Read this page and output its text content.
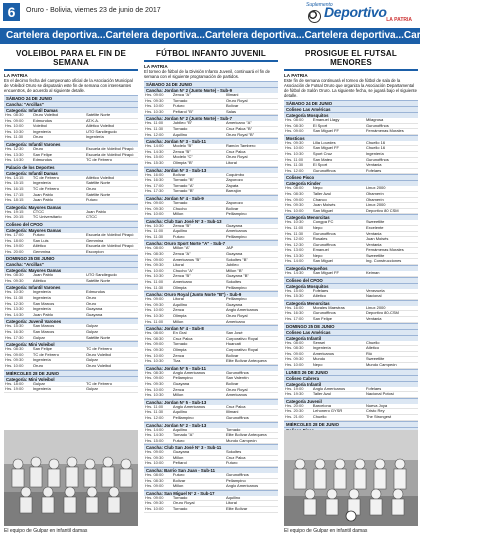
6	Oruro - Bolivia, viernes 23 de junio de 2017
Suplemento
Deportivo LA PATRIA
Cartelera deportiva...Cartelera deportiva...Cartelera deportiva...Cartelera deportiva...Cartelera deportiva...
VOLEIBOL PARA EL FIN DE SEMANA
LA PATRIA
En el decimo fecha del campeonato oficial de la Asociación Municipal de Voleibol Oruro se disputarán este fin de semana con interesantes encuentros, de acuerdo al siguiente detalle.
SÁBADO 24 DE JUNIO
Cancha: "Arcillas"
Categoría: Infantil Damas
Hrs. 08:30	Oruro Voleibol	Satélite Norte
Hrs. 09:00	Edmundos	AT.K.A.
Hrs. 10:00	Voleibol	Atlético Voleibol
Hrs. 10:30	Ingeniería	UTO Sandiegudo
Hrs. 11:30	Oruro	Ingeniería
Categoría: Infantil Varones
Hrs. 12:30	Oruro	Escuela de Voleibol Pirapó
Hrs. 13:30	San Felipe	Escuela de Voleibol Pirapó
Hrs. 14:30	Edmundos	TC de Febrero
Palacio de los Deportes
Categoría: Infantil Damas
Hrs. 14:15	TC de Febrero	Atlético Voleibol
Hrs. 15:15	Ingeniería	Satélite Norte
Hrs. 16:15	TC de Febrero	Oruro
Hrs. 17:15	Juan Pablo	Satélite Norte
Hrs. 18:15	Juan Pablo	Futuro
Categoría: Mayores Damas
Hrs. 19:15	CTCC	Juan Pablo
Hrs. 20:15	TC Universitario	CTCC
Coliseo del CPOO
Categoría: Mayores Damas
Hrs. 17:00	Futuro	Escuela de Voleibol Pirapó
Hrs. 18:00	San Luis	Gemmina
Hrs. 19:00	Atlético	Escuela de Voleibol Pirapó
Hrs. 20:00	Gemmina	Escorpion
DOMINGO 25 DE JUNIO
Cancha: "Arcillas"
Categoría: Mayores Damas
Hrs. 08:30	Juan Pablo	UTO Sandiegudo
Hrs. 09:30	Atlético	Satélite Norte
Categoría: Infantil Varones
Hrs. 10:30	Ingeniería	Edmundos
Hrs. 11:30	Ingeniería	Oruro
Hrs. 12:30	San Marcos	Oruro
Hrs. 13:30	Ingeniería	Guayana
Hrs. 14:30	Juan Pablo	Guayana
Categoría: Juvenil Varones
Hrs. 15:30	San Marcos	Gulpar
Hrs. 16:30	San Marcos	Gulpar
Hrs. 17:30	Gulpar	Satélite Norte
Categoría: Mini Voleibol
Hrs. 08:30	San Felipe	TC de Febrero
Hrs. 09:00	TC de Febrero	Oruro Voleibol
Hrs. 09:30	Ingeniería	Gulpar
Hrs. 10:00	Oruro	Oruro Voleibol
MIÉRCOLES 28 DE JUNIO
Categoría: Mini Voleibol
Hrs. 18:00	Gulpar	TC de Febrero
Hrs. 19:00	Ingeniería	Gulpar
FÚTBOL INFANTO JUVENIL
LA PATRIA
El torneo de fútbol de la División Infanto Juvenil, continuará el fin de semana con el siguiente programación de partidos.
SÁBADO 24 DE JUNIO
Cancha: Jordan N° 2 (Junto Norte) - Sub-9
Hrs. 09:00	Zenca "A"	Illimani
Hrs. 09:30	Tornado	Oruro Royal
Hrs. 10:00	Futuro	Bolívar
Hrs. 10:30	Peñarol "B"	Salas
Cancha: Jordan N° 2 (Junto Norte) - Sub-7
Hrs. 11:00	Jubileo "B"	Americano "A"
Hrs. 11:30	Tornado	Cruz Palca "B"
Hrs. 12:00	Aquilino	Oruro Royal "B"
Cancha: Jordan N° 3 - Sub-11
Hrs. 14:00	Modelo "B"	Ramón Tambero
Hrs. 14:30	Zenca "B"	Cruz Palca
Hrs. 15:00	Modelo "C"	Oruro Royal
Hrs. 15:30	Olimpia "B"	Litoral
Cancha: Jordan N° 3 - Sub-13
Hrs. 16:00	Bolívar	Coquimbo
Hrs. 16:30	Tornado "B"	Zaporozo
Hrs. 17:00	Tornado "A"	Zapata
Hrs. 17:30	Tornado "B"	Barrajón
Cancha: Jordan N° 4 - Sub-9
Hrs. 09:00	Tornado	Zaporozo
Hrs. 09:30	Chucho	Bolívar
Hrs. 10:00	Millon	Pelllampino
Cancha: Club San José N° 3 - Sub-13
Hrs. 10:30	Zenca "B"	Guayana
Hrs. 11:00	Aquilino	Americanos
Hrs. 11:30	Futuro	Pelllampino
Cancha: Oruro Sport Norte "A" - Sub-7
Hrs. 08:00	Millon "A"	JAP
Hrs. 08:30	Zenca "A"	Guayana
Hrs. 09:00	Americanos "B"	Sokoltes "B"
Hrs. 09:30	Litoral	Jubileo
Hrs. 10:00	Chucho "A"	Millon "B"
Hrs. 10:30	Zenca "B"	Guayana "B"
Hrs. 11:00	Americano	Sokoltes
Hrs. 11:30	Olimpia	Pelllampino
Cancha: Oruro Royal (Junto Norte "B") - Sub-9
Hrs. 09:00	Litoral	Pelllampino
Hrs. 09:30	Aquilino	Guayana
Hrs. 10:00	Zenca	Anglo Americanos
Hrs. 10:30	Olimpia	Oruro Royal
Hrs. 11:00	Millon	Americano
Cancha: Jordan N° 4 - Sub-8
Hrs. 08:00	En Gral	San José
Hrs. 08:30	Cruz Palca	Corporativo Royal
Hrs. 09:00	Tornado	Huarcatí
Hrs. 09:30	Olimpia	Corporativo Royal
Hrs. 10:00	Zenca	Bolívar
Hrs. 10:30	Tiza	Elite Bolívar Antequera
Cancha: Jordan N° 5 - Sub-11
Hrs. 08:30	Anglo Americanos	Gurunoffinos
Hrs. 09:00	Pellampino	San Valentín
Hrs. 09:30	Guayana	Bolívar
Hrs. 10:00	Zenca	Oruro Royal
Hrs. 10:30	Millon	Americanos
Cancha: Jordan N° 5 - Sub-13
Hrs. 11:00	Anglo Americanos	Cruz Palca
Hrs. 11:30	Aquilino	Illimani
Hrs. 12:00	Pelllampino	Gurunoffinos
Cancha: Jordan N° 2 - Sub-13
Hrs. 14:00	Aquilino	Tornado
Hrs. 14:30	Tomado "A"	Elite Bolívar Antequera
Hrs. 15:00	Futuro	Mundo Campeón
Cancha: Club San José N° 3 - Sub-11
Hrs. 09:00	Guayana	Sokoltes
Hrs. 09:30	Millon	Cruz Palca
Hrs. 10:00	Peñarol	Futuro
Cancha: Barrio San Juan - Sub-11
Hrs. 08:00	Futuro	Gurunoffinos
Hrs. 08:30	Bolívar	Pellampino
Hrs. 09:00	Millon	Anglo Americanos
Cancha: San Miguel N° 2 - Sub-17
Hrs. 09:00	Tornado	Aquilino
Hrs. 09:30	Oruro Royal	Litoral
Hrs. 10:00	Tornado	Elite Bolívar
PROSIGUE EL FUTSAL MENORES
LA PATRIA
Este fin de semana continuará el torneo de fútbol de sala de la Asociación de Futsal Oruro que organiza la Asociación Departamental de fútbol de Salón Oruro. La siguiente fecha, se jugará bajo el siguiente detalle.
SÁBADO 24 DE JUNIO
Coliseo Las Américas
Categoría Mosquitos
Hrs. 08:00	Emanuel Llagy	Milagrosa
Hrs. 08:30	El Sport	Gurunoffinos
Hrs. 09:00	San Miguel FF	Fernámenas Morales
Mosticos
Hrs. 09:30	Lilia Lourdes	Chuello 16
Hrs. 10:00	San Miguel FF	Chuello 16
Hrs. 10:30	Sport Cruz	Ingeniería
Hrs. 11:00	San Mateo	Gurunoffinos
Hrs. 11:30	El Sport	Ventania
Hrs. 12:00	Gurunoffinos	Fofelaes
Coliseo Pisco
Categoría Kinder
Hrs. 08:00	Nepo	Linux 2000
Hrs. 08:30	Taller Azul	Ohamerín
Hrs. 09:00	Chanco	Ohamerín
Hrs. 09:30	Juan Moisés	Linux 2000
Hrs. 10:00	San Miguel	Deportivo 80 CSM
Categoría Menorcitas
Hrs. 10:30	Congpa FC	Sweeetlite
Hrs. 11:00	Nepo	Excelente
Hrs. 11:30	Gurunoffinos	Ventania
Hrs. 12:00	Rosales	Juan Moisés
Hrs. 12:30	Gurunoffinos	Ventania
Hrs. 13:00	Emanuel	Fernámenas Morales
Hrs. 13:30	Nepo	Sweeetlite
Hrs. 14:00	San Miguel	Ing. Construcciones
Categoría Pequeños
Hrs. 14:30	San Miguel FF	Keiman
Coliseo del CPOO
Categoría Mosquitos
Hrs. 15:00	Fofelaes	Venezuela
Hrs. 15:30	Atletico	Nacional
Categoría Menorcitas
Hrs. 16:00	Morales Maestras	Linux 2000
Hrs. 16:30	Gurunoffinos	Deportivo 80-CSM
Hrs. 17:00	San Felipe	Ventania
DOMINGO 25 DE JUNIO
Coliseo Las Américas
Categoría Infantil
Hrs. 08:00	Sensei	Chuello
Hrs. 08:30	Ingeniería	Atletico
Hrs. 09:00	Americanos	Rió
Hrs. 09:30	Mundo	Sweeetlite
Hrs. 10:00	Nepo	Mundo Campeón
LUNES 26 DE JUNIO
Coliseo Cabrera
Categoría Infantil
Hrs. 19:00	Anglo Americanos	Fofelaes
Hrs. 19:30	Taller Azul	Nacional Potosí
Categoría Juvenil
Hrs. 20:00	Barcelona	Nueva Joya
Hrs. 20:30	Lehonero GYSR	Cristo Rey
Hrs. 21:00	Chuello	The Strongest
MIÉRCOLES 28 DE JUNIO

El equipo de Gulpar en infantil damas	El equipo de Gulpar en infantil damas
